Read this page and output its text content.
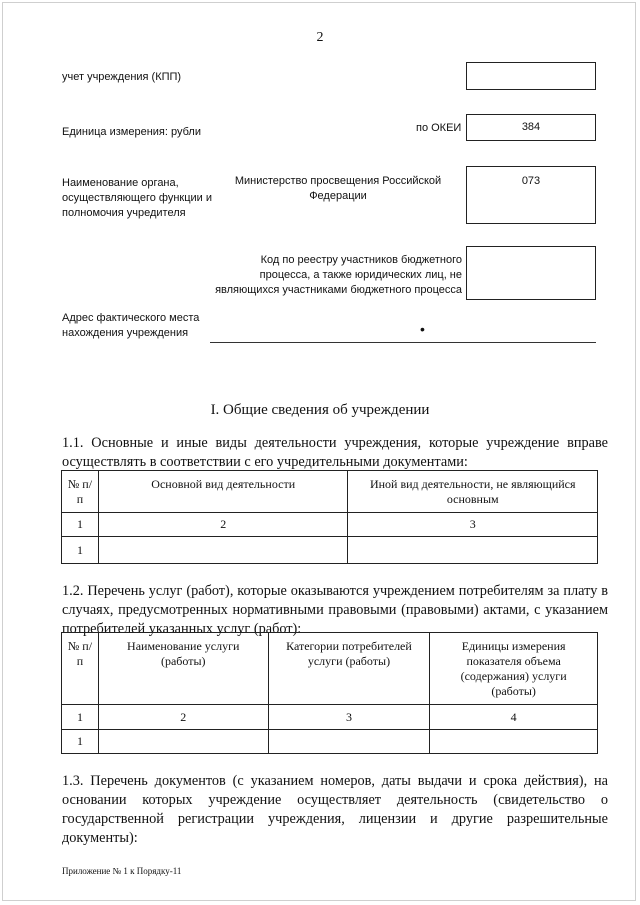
2
учет учреждения (КПП)
Единица измерения: рубли	по ОКЕИ	384
Наименование органа,
осуществляющего функции и
полномочия учредителя
Министерство просвещения Российской
Федерации
073
Код по реестру участников бюджетного
процесса, а также юридических лиц, не
являющихся участниками бюджетного процесса
Адрес фактического места
нахождения учреждения	•
I. Общие сведения об учреждении
1.1. Основные и иные виды деятельности учреждения, которые учреждение вправе осуществлять в соответствии с его учредительными документами:
№ п/п	Основной вид деятельности	Иной вид деятельности, не являющийся основным
1	2	3
1		
1.2. Перечень услуг (работ), которые оказываются учреждением потребителям за плату в случаях, предусмотренных нормативными правовыми (правовыми) актами, с указанием потребителей указанных услуг (работ):
№ п/п	Наименование услуги (работы)	Категории потребителей услуги (работы)	Единицы измерения показателя объема (содержания) услуги (работы)
1	2	3	4
1			
1.3. Перечень документов (с указанием номеров, даты выдачи и срока действия), на основании которых учреждение осуществляет деятельность (свидетельство о государственной регистрации учреждения, лицензии и другие разрешительные документы):
Приложение № 1 к Порядку-11
